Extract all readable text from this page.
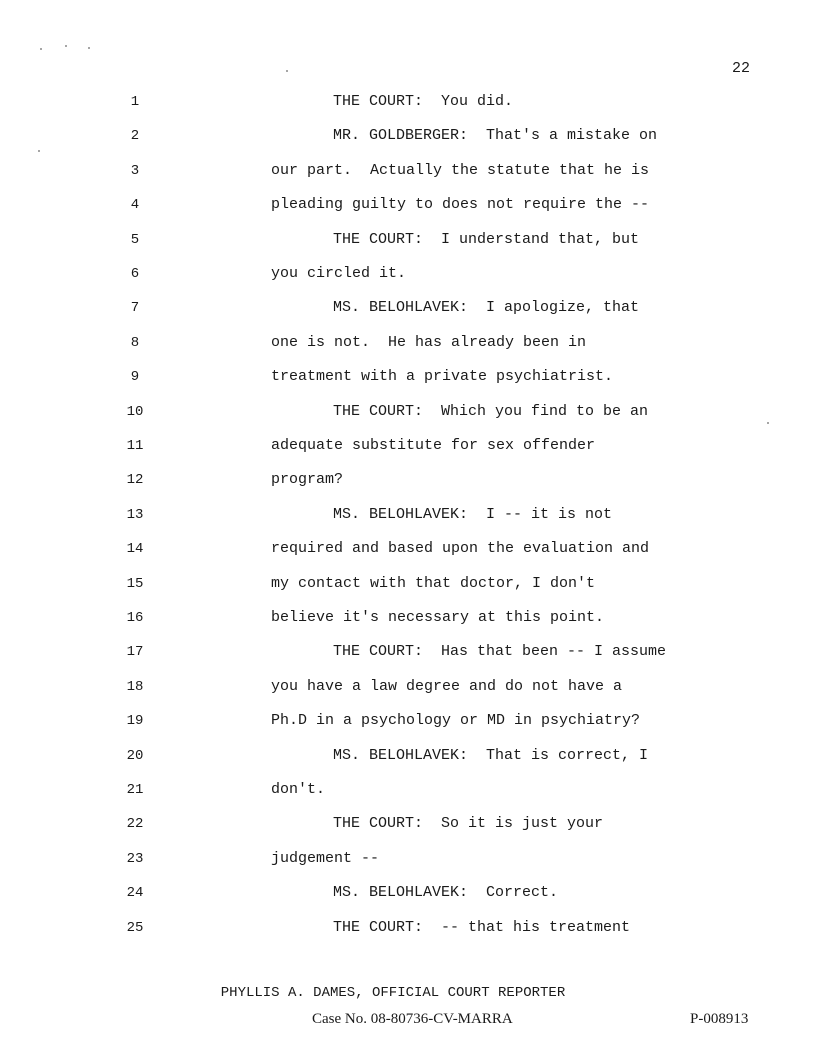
22
1	THE COURT:  You did.
2	MR. GOLDBERGER:  That's a mistake on
3	our part.  Actually the statute that he is
4	pleading guilty to does not require the --
5	THE COURT:  I understand that, but
6	you circled it.
7	MS. BELOHLAVEK:  I apologize, that
8	one is not.  He has already been in
9	treatment with a private psychiatrist.
10	THE COURT:  Which you find to be an
11	adequate substitute for sex offender
12	program?
13	MS. BELOHLAVEK:  I -- it is not
14	required and based upon the evaluation and
15	my contact with that doctor, I don't
16	believe it's necessary at this point.
17	THE COURT:  Has that been -- I assume
18	you have a law degree and do not have a
19	Ph.D in a psychology or MD in psychiatry?
20	MS. BELOHLAVEK:  That is correct, I
21	don't.
22	THE COURT:  So it is just your
23	judgement --
24	MS. BELOHLAVEK:  Correct.
25	THE COURT:  -- that his treatment
PHYLLIS A. DAMES, OFFICIAL COURT REPORTER
Case No. 08-80736-CV-MARRA	P-008913
